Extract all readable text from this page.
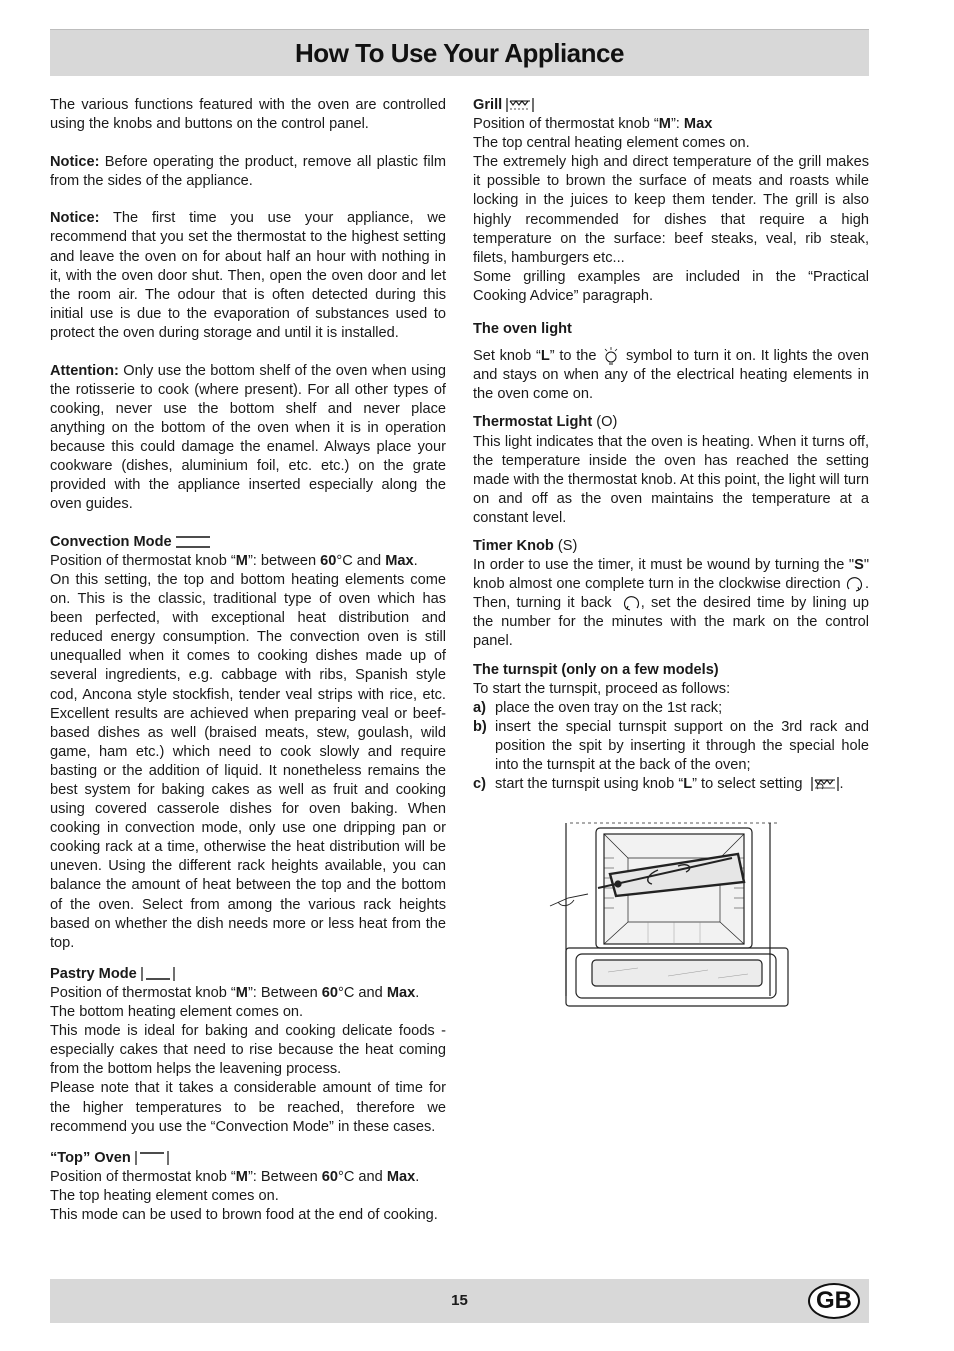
How To Use Your Appliance

The various functions featured with the oven are controlled using the knobs and buttons on the control panel.

Notice: Before operating the product, remove all plastic film from the sides of the appliance.

Notice: The first time you use your appliance, we recommend that you set the thermostat to the highest setting and leave the oven on for about half an hour with nothing in it, with the oven door shut. Then, open the oven door and let the room air. The odour that is often detected during this initial use is due to the evaporation of substances used to protect the oven during storage and until it is installed.

Attention: Only use the bottom shelf of the oven when using the rotisserie to cook (where present). For all other types of cooking, never use the bottom shelf and never place anything on the bottom of the oven when it is in operation because this could damage the enamel. Always place your cookware (dishes, aluminium foil, etc. etc.) on the grate provided with the appliance inserted especially along the oven guides.

Convection Mode

Position of thermostat knob “M”: between 60°C and Max.

On this setting, the top and bottom heating elements come on. This is the classic, traditional type of oven which has been perfected, with exceptional heat distribution and reduced energy consumption. The convection oven is still unequalled when it comes to cooking dishes made up of several ingredients, e.g. cabbage with ribs, Spanish style cod, Ancona style stockfish, tender veal strips with rice, etc. Excellent results are achieved when preparing veal or beef-based dishes as well (braised meats, stew, goulash, wild game, ham etc.) which need to cook slowly and require basting or the addition of liquid. It nonetheless remains the best system for baking cakes as well as fruit and cooking using covered casserole dishes for oven baking. When cooking in convection mode, only use one dripping pan or cooking rack at a time, otherwise the heat distribution will be uneven. Using the different rack heights available, you can balance the amount of heat between the top and the bottom of the oven. Select from among the various rack heights based on whether the dish needs more or less heat from the top.

Pastry Mode

Position of thermostat knob “M”: Between 60°C and Max.

The bottom heating element comes on.

This mode is ideal for baking and cooking delicate foods - especially cakes that need to rise because the heat coming from the bottom helps the leavening process.

Please note that it takes a considerable amount of time for the higher temperatures to be reached, therefore we recommend you use the “Convection Mode” in these cases.

“Top” Oven

Position of thermostat knob “M”: Between 60°C and Max.

The top heating element comes on.

This mode can be used to brown food at the end of cooking.

Grill

Position of thermostat knob “M”: Max

The top central heating element comes on.

The extremely high and direct temperature of the grill makes it possible to brown the surface of meats and roasts while locking in the juices to keep them tender. The grill is also highly recommended for dishes that require a high temperature on the surface: beef steaks, veal, rib steak, filets, hamburgers etc...

Some grilling examples are included in the “Practical Cooking Advice” paragraph.

The oven light

Set knob “L” to the  symbol to turn it on. It lights the oven and stays on when any of the electrical heating elements in the oven come on.

Thermostat Light (O)

This light indicates that the oven is heating. When it turns off, the temperature inside the oven has reached the setting made with the thermostat knob. At this point, the light will turn on and off as the oven maintains the temperature at a constant level.

Timer Knob (S)

In order to use the timer, it must be wound by turning the "S" knob almost one complete turn in the clockwise direction . Then, turning it back , set the desired time by lining up the number for the minutes with the mark on the control panel.

The turnspit (only on a few models)

To start the turnspit, proceed as follows:

a) place the oven tray on the 1st rack;
b) insert the special turnspit support on the 3rd rack and position the spit by inserting it through the special hole into the turnspit at the back of the oven;
c) start the turnspit using knob “L” to select setting .
15	GB
